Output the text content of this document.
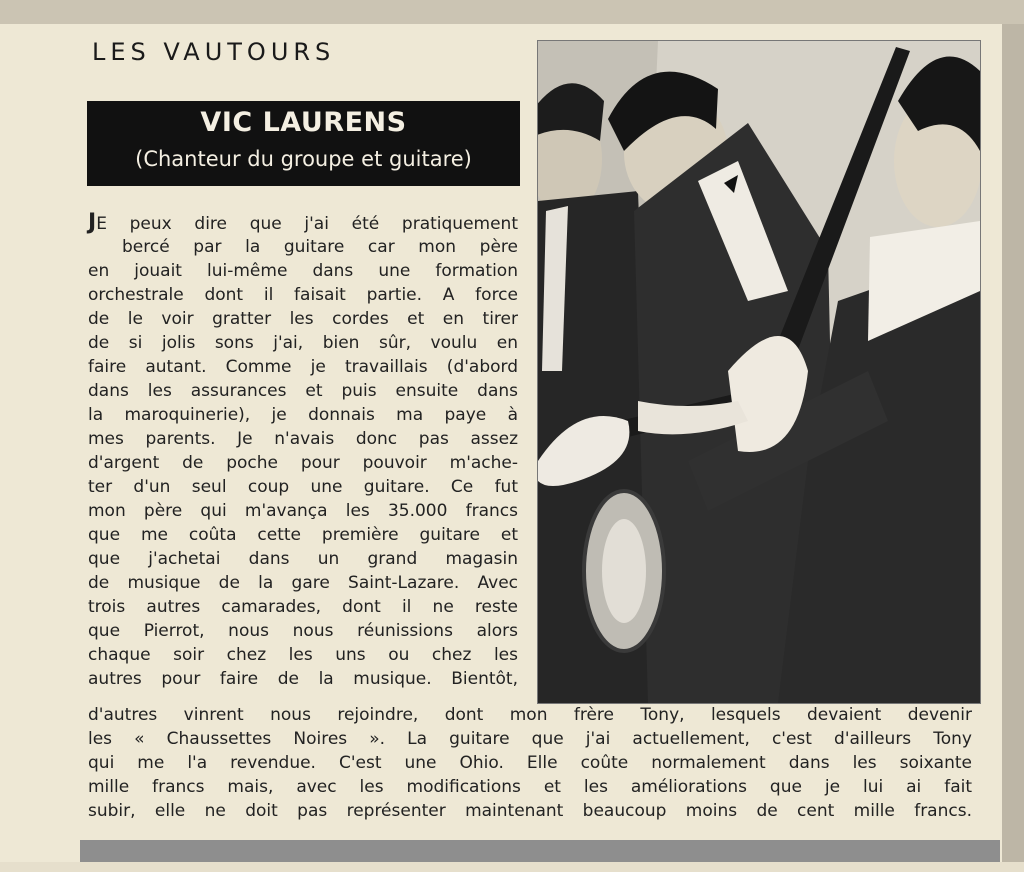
LES VAUTOURS
VIC LAURENS
(Chanteur du groupe et guitare)
JE peux dire que j'ai été pratiquement
bercé par la guitare car mon père
en jouait lui-même dans une formation
orchestrale dont il faisait partie. A force
de le voir gratter les cordes et en tirer
de si jolis sons j'ai, bien sûr, voulu en
faire autant. Comme je travaillais (d'abord
dans les assurances et puis ensuite dans
la maroquinerie), je donnais ma paye à
mes parents. Je n'avais donc pas assez
d'argent de poche pour pouvoir m'ache-
ter d'un seul coup une guitare. Ce fut
mon père qui m'avança les 35.000 francs
que me coûta cette première guitare et
que j'achetai dans un grand magasin
de musique de la gare Saint-Lazare. Avec
trois autres camarades, dont il ne reste
que Pierrot, nous nous réunissions alors
chaque soir chez les uns ou chez les
autres pour faire de la musique. Bientôt,
d'autres vinrent nous rejoindre, dont mon frère Tony, lesquels devaient devenir
les « Chaussettes Noires ». La guitare que j'ai actuellement, c'est d'ailleurs Tony
qui me l'a revendue. C'est une Ohio. Elle coûte normalement dans les soixante
mille francs mais, avec les modifications et les améliorations que je lui ai fait
subir, elle ne doit pas représenter maintenant beaucoup moins de cent mille francs.
